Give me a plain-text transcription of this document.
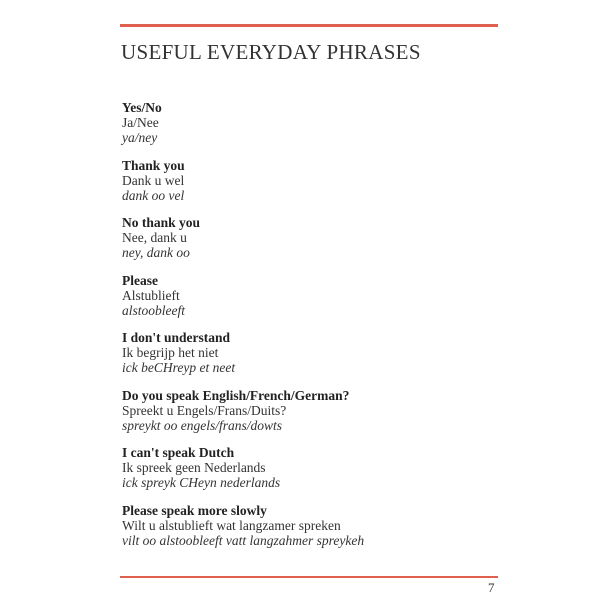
USEFUL EVERYDAY PHRASES
Yes/No
Ja/Nee
ya/ney
Thank you
Dank u wel
dank oo vel
No thank you
Nee, dank u
ney, dank oo
Please
Alstublieft
alstoobleeft
I don't understand
Ik begrijp het niet
ick beCHreyp et neet
Do you speak English/French/German?
Spreekt u Engels/Frans/Duits?
spreykt oo engels/frans/dowts
I can't speak Dutch
Ik spreek geen Nederlands
ick spreyk CHeyn nederlands
Please speak more slowly
Wilt u alstublieft wat langzamer spreken
vilt oo alstoobleeft vatt langzahmer spreykeh
7
